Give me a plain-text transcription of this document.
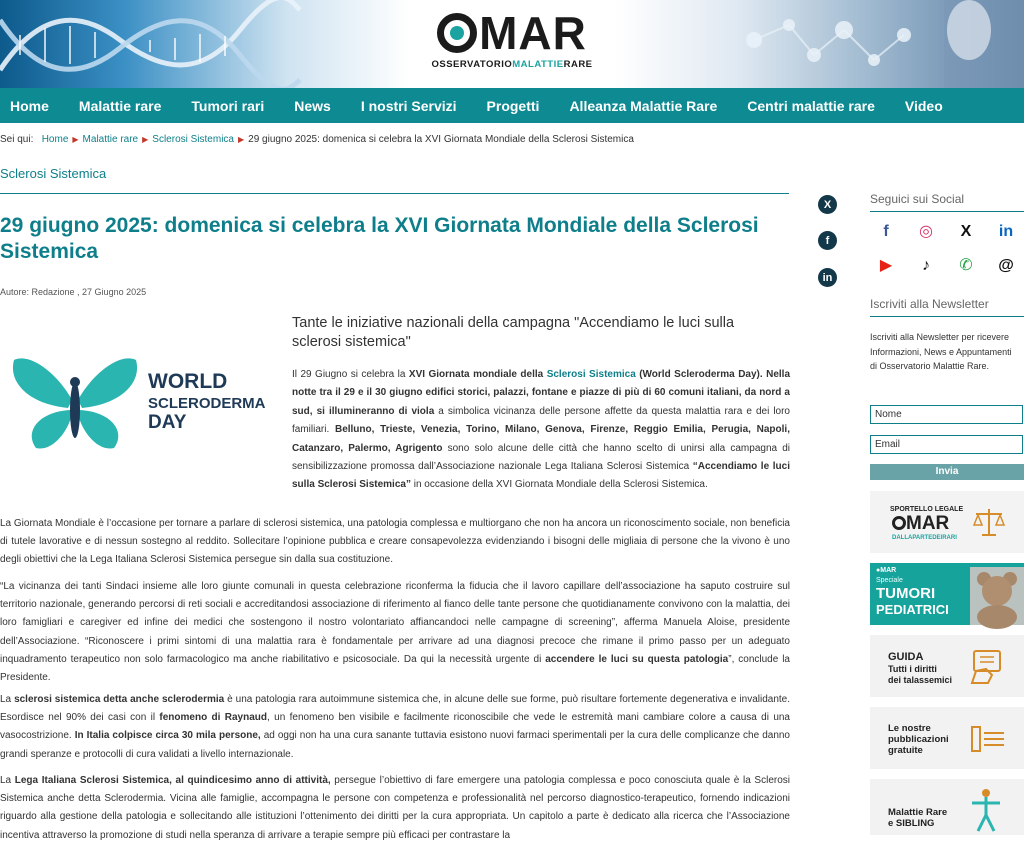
MAR
OSSERVATORIOMALATTIERARE
Home	Malattie rare	Tumori rari	News	I nostri Servizi	Progetti	Alleanza Malattie Rare	Centri malattie rare	Video
Sei qui: Home ▶ Malattie rare ▶ Sclerosi Sistemica ▶ 29 giugno 2025: domenica si celebra la XVI Giornata Mondiale della Sclerosi Sistemica
Sclerosi Sistemica
29 giugno 2025: domenica si celebra la XVI Giornata Mondiale della Sclerosi Sistemica
Autore: Redazione , 27 Giugno 2025
Tante le iniziative nazionali della campagna "Accendiamo le luci sulla sclerosi sistemica"
WORLD
SCLERODERMA
DAY

Il 29 Giugno si celebra la XVI Giornata mondiale della Sclerosi Sistemica (World Scleroderma Day). Nella notte tra il 29 e il 30 giugno edifici storici, palazzi, fontane e piazze di più di 60 comuni italiani, da nord a sud, si illumineranno di viola a simbolica vicinanza delle persone affette da questa malattia rara e dei loro familiari. Belluno, Trieste, Venezia, Torino, Milano, Genova, Firenze, Reggio Emilia, Perugia, Napoli, Catanzaro, Palermo, Agrigento sono solo alcune delle città che hanno scelto di unirsi alla campagna di sensibilizzazione promossa dall’Associazione nazionale Lega Italiana Sclerosi Sistemica “Accendiamo le luci sulla Sclerosi Sistemica” in occasione della XVI Giornata Mondiale della Sclerosi Sistemica.

La Giornata Mondiale è l’occasione per tornare a parlare di sclerosi sistemica, una patologia complessa e multiorgano che non ha ancora un riconoscimento sociale, non beneficia di tutele lavorative e di nessun sostegno al reddito. Sollecitare l’opinione pubblica e creare consapevolezza evidenziando i bisogni delle migliaia di persone che la vivono è uno degli obiettivi che la Lega Italiana Sclerosi Sistemica persegue sin dalla sua costituzione.

“La vicinanza dei tanti Sindaci insieme alle loro giunte comunali in questa celebrazione riconferma la fiducia che il lavoro capillare dell’associazione ha saputo costruire sul territorio nazionale, generando percorsi di reti sociali e accreditandosi associazione di riferimento al fianco delle tante persone che quotidianamente convivono con la malattia, dei loro famigliari e caregiver ed infine dei medici che sostengono il nostro volontariato affiancandoci nelle campagne di screening”, afferma Manuela Aloise, presidente dell’Associazione. “Riconoscere i primi sintomi di una malattia rara è fondamentale per arrivare ad una diagnosi precoce che rimane il primo passo per un adeguato inquadramento terapeutico non solo farmacologico ma anche riabilitativo e psicosociale. Da qui la necessità urgente di accendere le luci su questa patologia”, conclude la Presidente.

La sclerosi sistemica detta anche sclerodermia è una patologia rara autoimmune sistemica che, in alcune delle sue forme, può risultare fortemente degenerativa e invalidante. Esordisce nel 90% dei casi con il fenomeno di Raynaud, un fenomeno ben visibile e facilmente riconoscibile che vede le estremità mani cambiare colore a causa di una vasocostrizione. In Italia colpisce circa 30 mila persone, ad oggi non ha una cura sanante tuttavia esistono nuovi farmaci sperimentali per la cura delle complicanze che danno grandi speranze e protocolli di cura validati a livello internazionale.

La Lega Italiana Sclerosi Sistemica, al quindicesimo anno di attività, persegue l’obiettivo di fare emergere una patologia complessa e poco conosciuta quale è la Sclerosi Sistemica anche detta Sclerodermia. Vicina alle famiglie, accompagna le persone con competenza e professionalità nel percorso diagnostico-terapeutico, fornendo indicazioni riguardo alla gestione della patologia e sollecitando alle istituzioni l’ottenimento dei diritti per la cura appropriata. Un capitolo a parte è dedicato alla ricerca che l’Associazione incentiva attraverso la promozione di studi nella speranza di arrivare a terapie sempre più efficaci per contrastare la

X
f
in
Seguici sui Social
f	◎	X	in
▶	♪	✆	@
Iscriviti alla Newsletter
Iscriviti alla Newsletter per ricevere Informazioni, News e Appuntamenti di Osservatorio Malattie Rare.
Nome
Email
Invia
SPORTELLO LEGALE
MAR
DALLAPARTEDEIRARI
●MAR
Speciale
TUMORI
PEDIATRICI
GUIDA
Tutti i diritti
dei talassemici
Le nostre
pubblicazioni
gratuite
Malattie Rare
e SIBLING
